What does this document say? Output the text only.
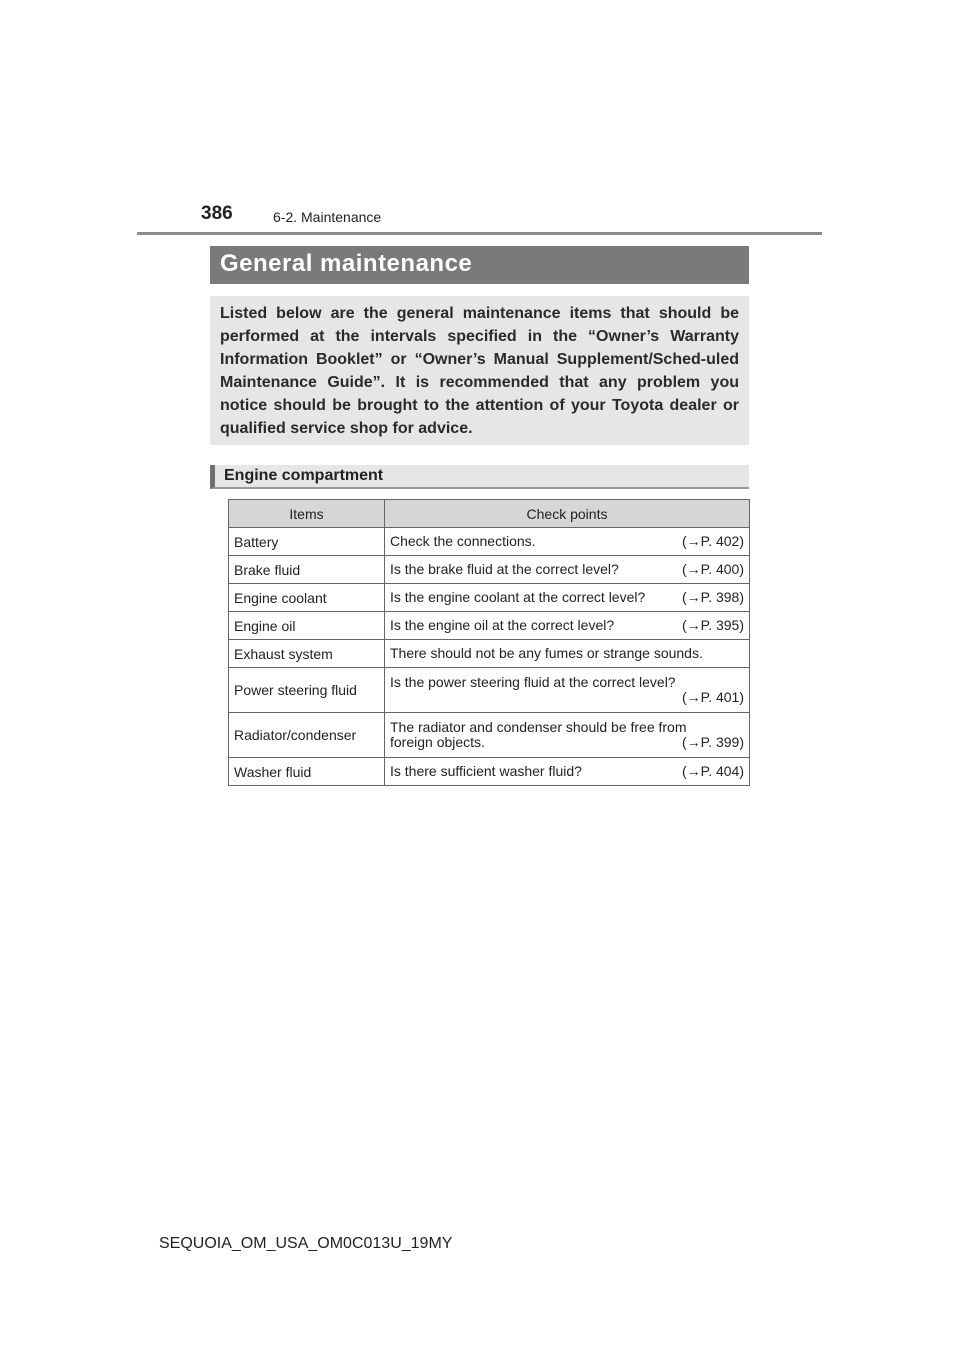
386	6-2. Maintenance
General maintenance

Listed below are the general maintenance items that should be performed at the intervals specified in the “Owner’s Warranty Information Booklet” or “Owner’s Manual Supplement/Sched-uled Maintenance Guide”. It is recommended that any problem you notice should be brought to the attention of your Toyota dealer or qualified service shop for advice.

Engine compartment
Items	Check points
Battery	Check the connections. (→P. 402)

Brake fluid	Is the brake fluid at the correct level? (→P. 400)

Engine coolant	Is the engine coolant at the correct level? (→P. 398)

Engine oil	Is the engine oil at the correct level? (→P. 395)

Exhaust system	There should not be any fumes or strange sounds.
Power steering fluid	Is the power steering fluid at the correct level?
(→P. 401)

Radiator/condenser	The radiator and condenser should be free from
foreign objects. (→P. 399)

Washer fluid	Is there sufficient washer fluid? (→P. 404)
SEQUOIA_OM_USA_OM0C013U_19MY
